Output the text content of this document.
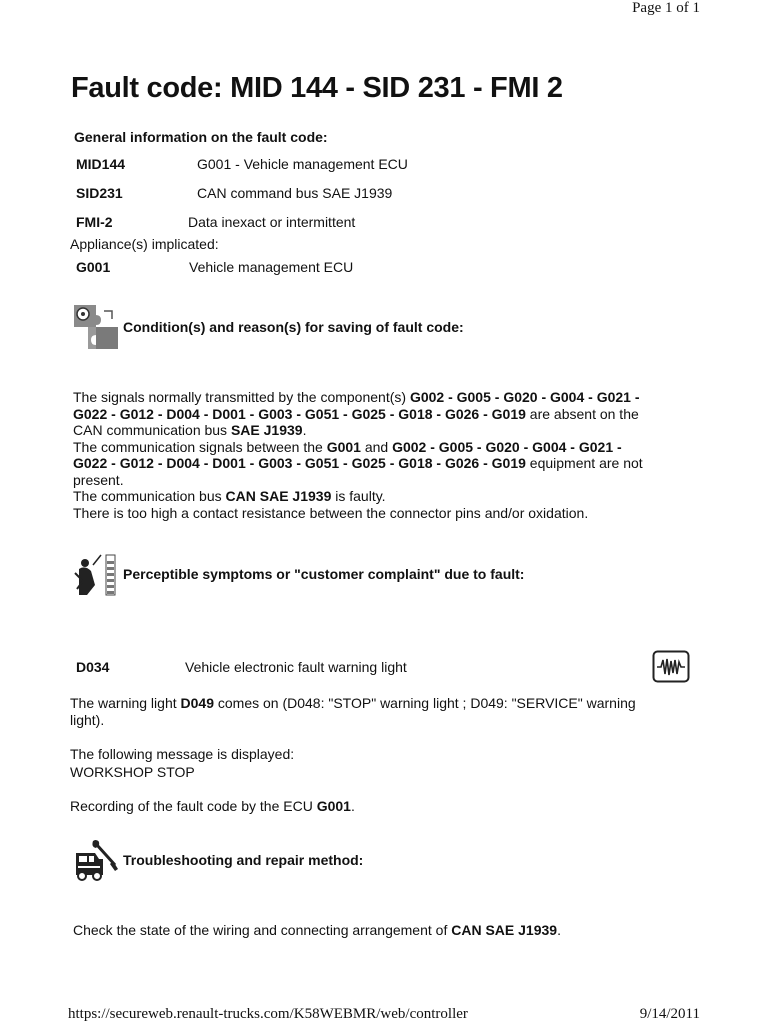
Page 1 of 1
Fault code: MID 144 - SID 231 - FMI 2
General information on the fault code:
MID144	G001 - Vehicle management ECU
SID231	CAN command bus SAE J1939
FMI-2	Data inexact or intermittent
Appliance(s) implicated:
G001	Vehicle management ECU
Condition(s) and reason(s) for saving of fault code:

The signals normally transmitted by the component(s) G002 - G005 - G020 - G004 - G021 -

G022 - G012 - D004 - D001 - G003 - G051 - G025 - G018 - G026 - G019 are absent on the

CAN communication bus SAE J1939.

The communication signals between the G001 and G002 - G005 - G020 - G004 - G021 -

G022 - G012 - D004 - D001 - G003 - G051 - G025 - G018 - G026 - G019 equipment are not

present.

The communication bus CAN SAE J1939 is faulty.

There is too high a contact resistance between the connector pins and/or oxidation.

Perceptible symptoms or "customer complaint" due to fault:
D034	Vehicle electronic fault warning light

The warning light D049 comes on (D048: "STOP" warning light ; D049: "SERVICE" warning

light).

The following message is displayed:
WORKSHOP STOP
Recording of the fault code by the ECU G001.
Troubleshooting and repair method:
Check the state of the wiring and connecting arrangement of CAN SAE J1939.
https://secureweb.renault-trucks.com/K58WEBMR/web/controller	9/14/2011
